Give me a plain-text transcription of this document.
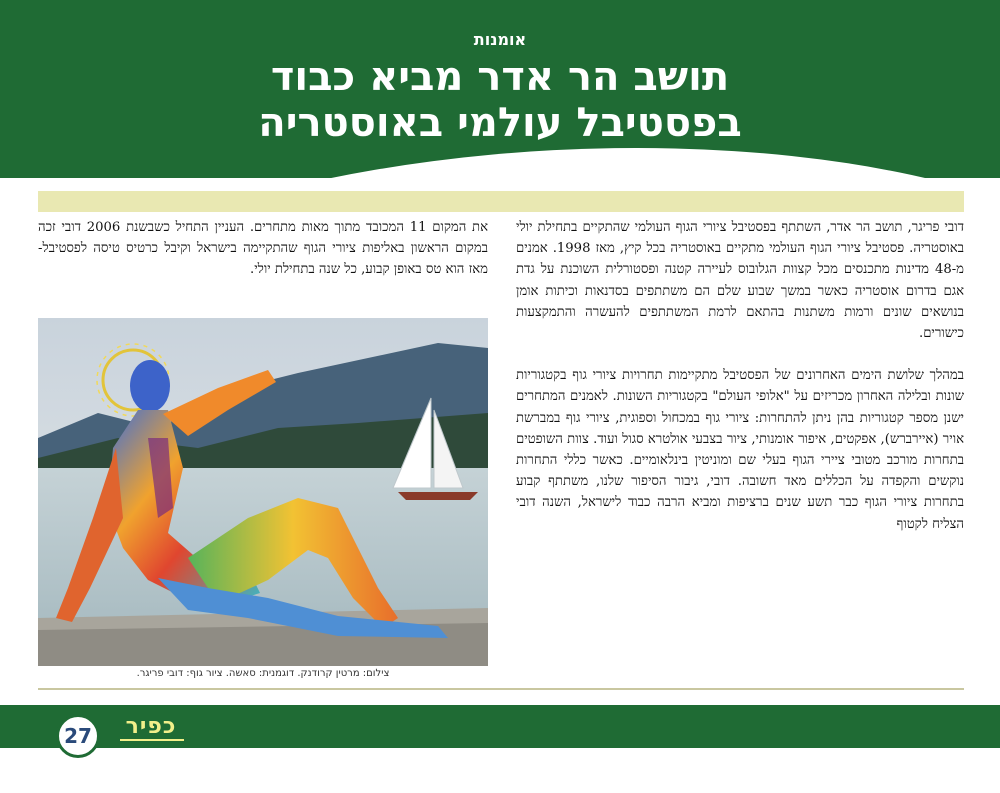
אומנות
תושב הר אדר מביא כבוד
בפסטיבל עולמי באוסטריה

דובי פריגר, תושב הר אדר, השתתף בפסטיבל ציורי הגוף העולמי שהתקיים בתחילת יולי באוסטריה. פסטיבל ציורי הגוף העולמי מתקיים באוסטריה בכל קיץ, מאז 1998. אמנים מ-48 מדינות מתכנסים מכל קצוות הגלובוס לעיירה קטנה ופסטורלית השוכנת על גדת אגם בדרום אוסטריה כאשר במשך שבוע שלם הם משתתפים בסדנאות וכיתות אומן בנושאים שונים ורמות משתנות בהתאם לרמת המשתתפים להעשרה והתמקצעות כישורים.

במהלך שלושת הימים האחרונים של הפסטיבל מתקיימות תחרויות ציורי גוף בקטגוריות שונות ובלילה האחרון מכריזים על "אלופי העולם" בקטגוריות השונות. לאמנים המתחרים ישנן מספר קטגוריות בהן ניתן להתחרות: ציורי גוף במכחול וספוגית, ציורי גוף במברשת אויר (איירברש), אפקטים, איפור אומנותי, ציור בצבעי אולטרא סגול ועוד. צוות השופטים בתחרות מורכב מטובי ציירי הגוף בעלי שם ומוניטין בינלאומיים. כאשר כללי התחרות נוקשים והקפדה על הכללים מאד חשובה. דובי, גיבור הסיפור שלנו, משתתף קבוע בתחרות ציורי הגוף כבר תשע שנים ברציפות ומביא הרבה כבוד לישראל, השנה דובי הצליח לקטוף

את המקום 11 המכובד מתוך מאות מתחרים. העניין התחיל כשבשנת 2006 דובי זכה במקום הראשון באליפות ציורי הגוף שהתקיימה בישראל וקיבל כרטיס טיסה לפסטיבל- מאז הוא טס באופן קבוע, כל שנה בתחילת יולי.

צילום: מרטין קרודנק. דוגמנית: סאשה. ציור גוף: דובי פריגר.
27	כפיר
